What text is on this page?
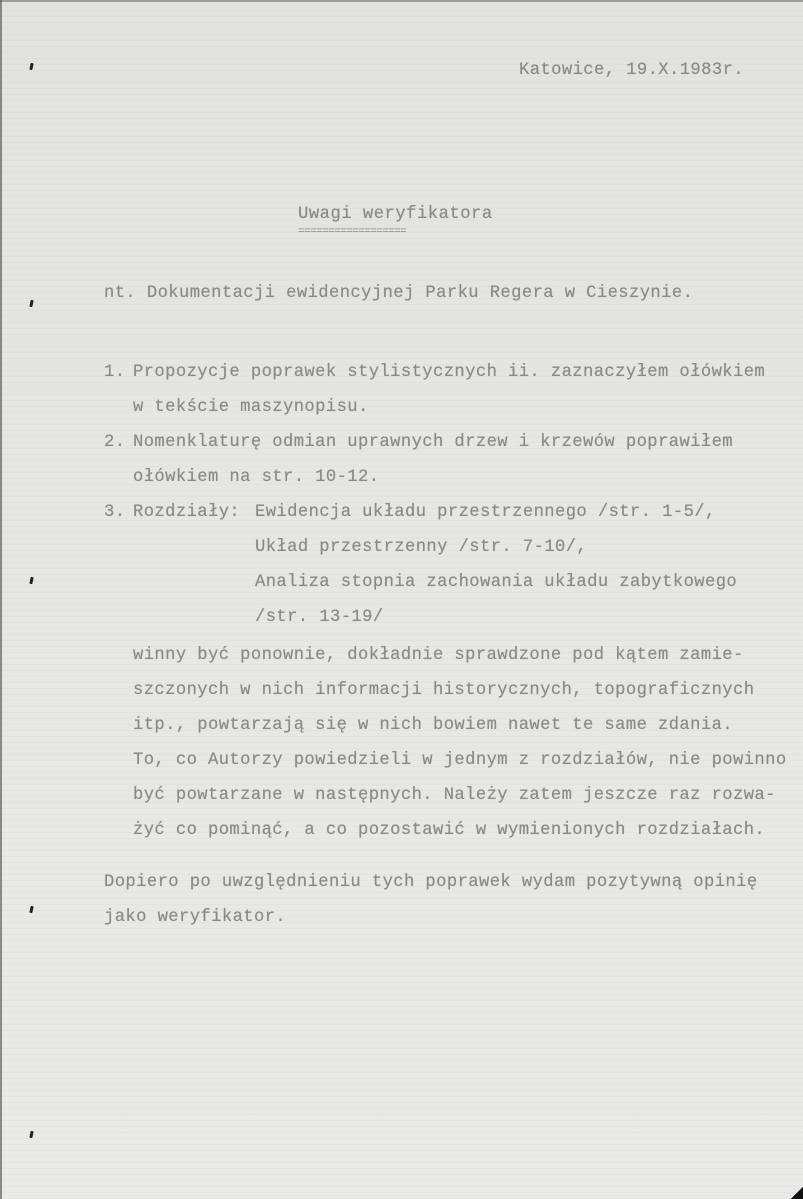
Katowice, 19.X.1983r.
Uwagi weryfikatora
==================
nt. Dokumentacji ewidencyjnej Parku Regera w Cieszynie.
1. Propozycje poprawek stylistycznych ii. zaznaczyłem ołówkiem
w tekście maszynopisu.
2. Nomenklaturę odmian uprawnych drzew i krzewów poprawiłem
ołówkiem na str. 10-12.
3. Rozdziały: Ewidencja układu przestrzennego /str. 1-5/,
Układ przestrzenny /str. 7-10/,
Analiza stopnia zachowania układu zabytkowego
/str. 13-19/
winny być ponownie, dokładnie sprawdzone pod kątem zamie-
szczonych w nich informacji historycznych, topograficznych
itp., powtarzają się w nich bowiem nawet te same zdania.
To, co Autorzy powiedzieli w jednym z rozdziałów, nie powinno
być powtarzane w następnych. Należy zatem jeszcze raz rozwa-
żyć co pominąć, a co pozostawić w wymienionych rozdziałach.
Dopiero po uwzględnieniu tych poprawek wydam pozytywną opinię
jako weryfikator.
